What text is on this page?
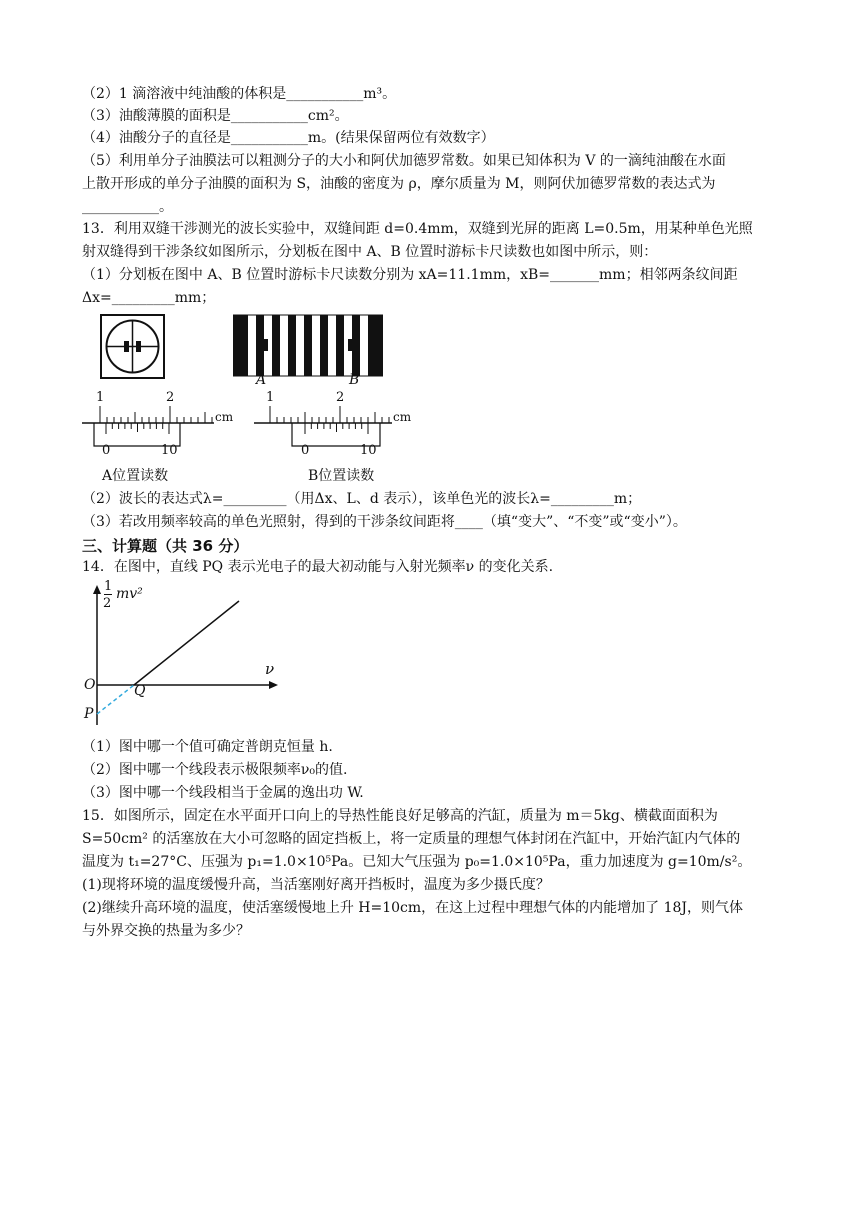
（2）1 滴溶液中纯油酸的体积是___________m³。
（3）油酸薄膜的面积是___________cm²。
（4）油酸分子的直径是___________m。(结果保留两位有效数字）
（5）利用单分子油膜法可以粗测分子的大小和阿伏加德罗常数。如果已知体积为 V 的一滴纯油酸在水面
上散开形成的单分子油膜的面积为 S，油酸的密度为 ρ，摩尔质量为 M，则阿伏加德罗常数的表达式为
___________。
13．利用双缝干涉测光的波长实验中，双缝间距 d=0.4mm，双缝到光屏的距离 L=0.5m，用某种单色光照
射双缝得到干涉条纹如图所示，分划板在图中 A、B 位置时游标卡尺读数也如图中所示，则：
（1）分划板在图中 A、B 位置时游标卡尺读数分别为 xA=11.1mm，xB=_______mm；相邻两条纹间距
Δx=_________mm；
A	B
1	2
cm
0	10
A位置读数
1	2
cm
0	10
B位置读数
（2）波长的表达式λ=_________（用Δx、L、d 表示），该单色光的波长λ=_________m；
（3）若改用频率较高的单色光照射，得到的干涉条纹间距将____（填“变大”、“不变”或“变小”）。
三、计算题（共 36 分）
14．在图中，直线 PQ 表示光电子的最大初动能与入射光频率ν 的变化关系.
1
2
mv²
ν
O	Q
P
（1）图中哪一个值可确定普朗克恒量 h.
（2）图中哪一个线段表示极限频率ν₀的值.
（3）图中哪一个线段相当于金属的逸出功 W.
15．如图所示，固定在水平面开口向上的导热性能良好足够高的汽缸，质量为 m＝5kg、横截面面积为
S=50cm² 的活塞放在大小可忽略的固定挡板上，将一定质量的理想气体封闭在汽缸中，开始汽缸内气体的
温度为 t₁=27°C、压强为 p₁=1.0×10⁵Pa。已知大气压强为 p₀=1.0×10⁵Pa，重力加速度为 g=10m/s²。
(1)现将环境的温度缓慢升高，当活塞刚好离开挡板时，温度为多少摄氏度？
(2)继续升高环境的温度，使活塞缓慢地上升 H=10cm，在这上过程中理想气体的内能增加了 18J，则气体
与外界交换的热量为多少？
